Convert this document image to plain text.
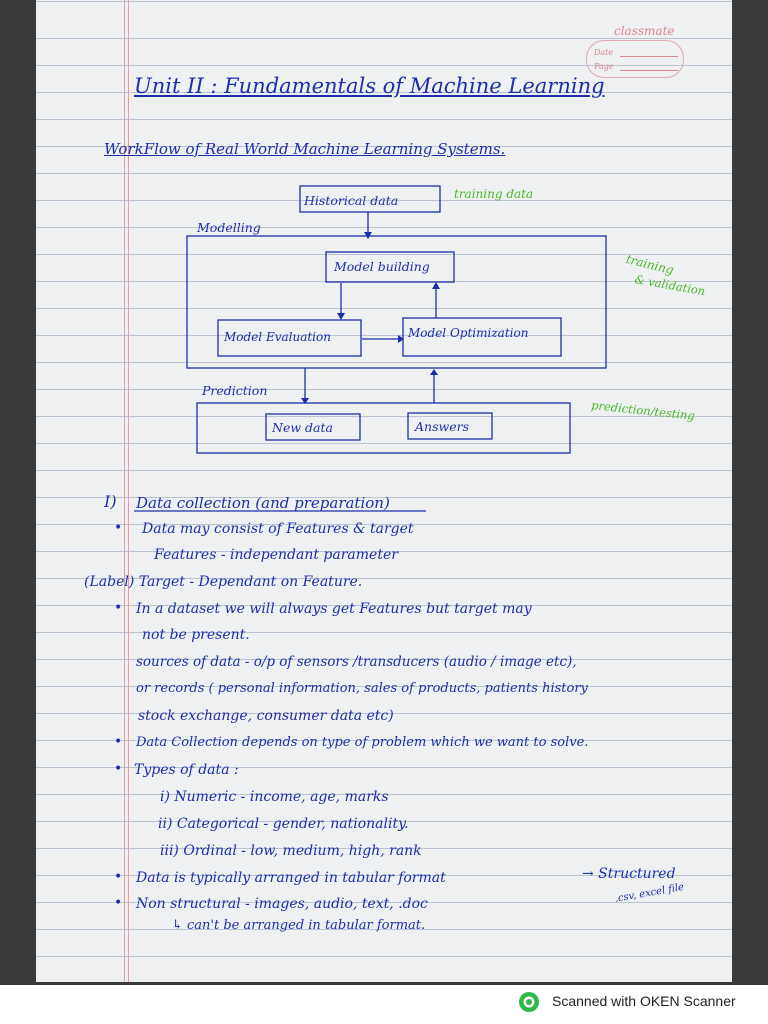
classmate
Date
Page
Unit II : Fundamentals of Machine Learning
WorkFlow of Real World Machine Learning Systems.
Historical data	training data
Modelling
Model building
Model Evaluation	Model Optimization
training
& validation
Prediction
New data	Answers
prediction/testing
I) Data collection (and preparation)
• Data may consist of Features & target
Features - independant parameter
(Label) Target - Dependant on Feature.
• In a dataset we will always get Features but target may
not be present.
sources of data - o/p of sensors /transducers (audio / image etc),
or records ( personal information, sales of products, patients history
stock exchange, consumer data etc)
• Data Collection depends on type of problem which we want to solve.
• Types of data :
i) Numeric - income, age, marks
ii) Categorical - gender, nationality.
iii) Ordinal - low, medium, high, rank
• Data is typically arranged in tabular format	→ Structured
.csv, excel file
• Non structural - images, audio, text, .doc
↳ can't be arranged in tabular format.
Scanned with OKEN Scanner
